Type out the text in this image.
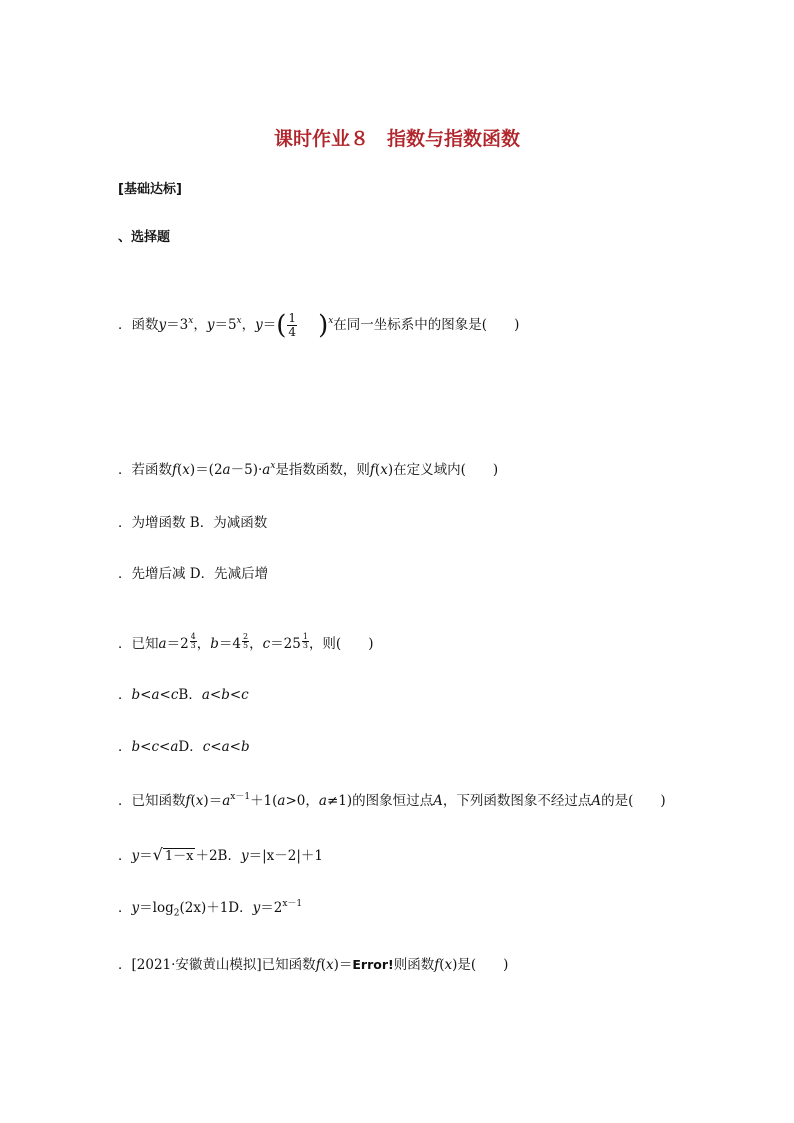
课时作业８ 指数与指数函数
[基础达标]
、选择题
．函数$y=3^x$，$y=5^x$，$y=( \frac{1}{4} )^x$在同一坐标系中的图象是(　　)
．若函数$f(x)=(2a-5)\cdot a^x$是指数函数，则f(x)在定义域内(　　)
．为增函数 B．为减函数
．先增后减 D．先减后增
．已知$a=2 \frac{4}{3}$ ，$b=4 \frac{2}{5}$ ，$c=25 \frac{1}{3}$ ，则(　　)
．b<a<cB．a<b<c
．b<c<aD．c<a<b
．已知函数$f(x)=a^{x-1}+1(a>0$，a≠1)的图象恒过点A，下列函数图象不经过点A的是(　　)
．y＝√ 1－x ＋2B．y＝|x－2|＋1
．$y=\log_2(2x)+1D$．$y=2^{x-1}$
．[2021·安徽黄山模拟]已知函数f(x)＝Error!则函数f(x)是(　　)
